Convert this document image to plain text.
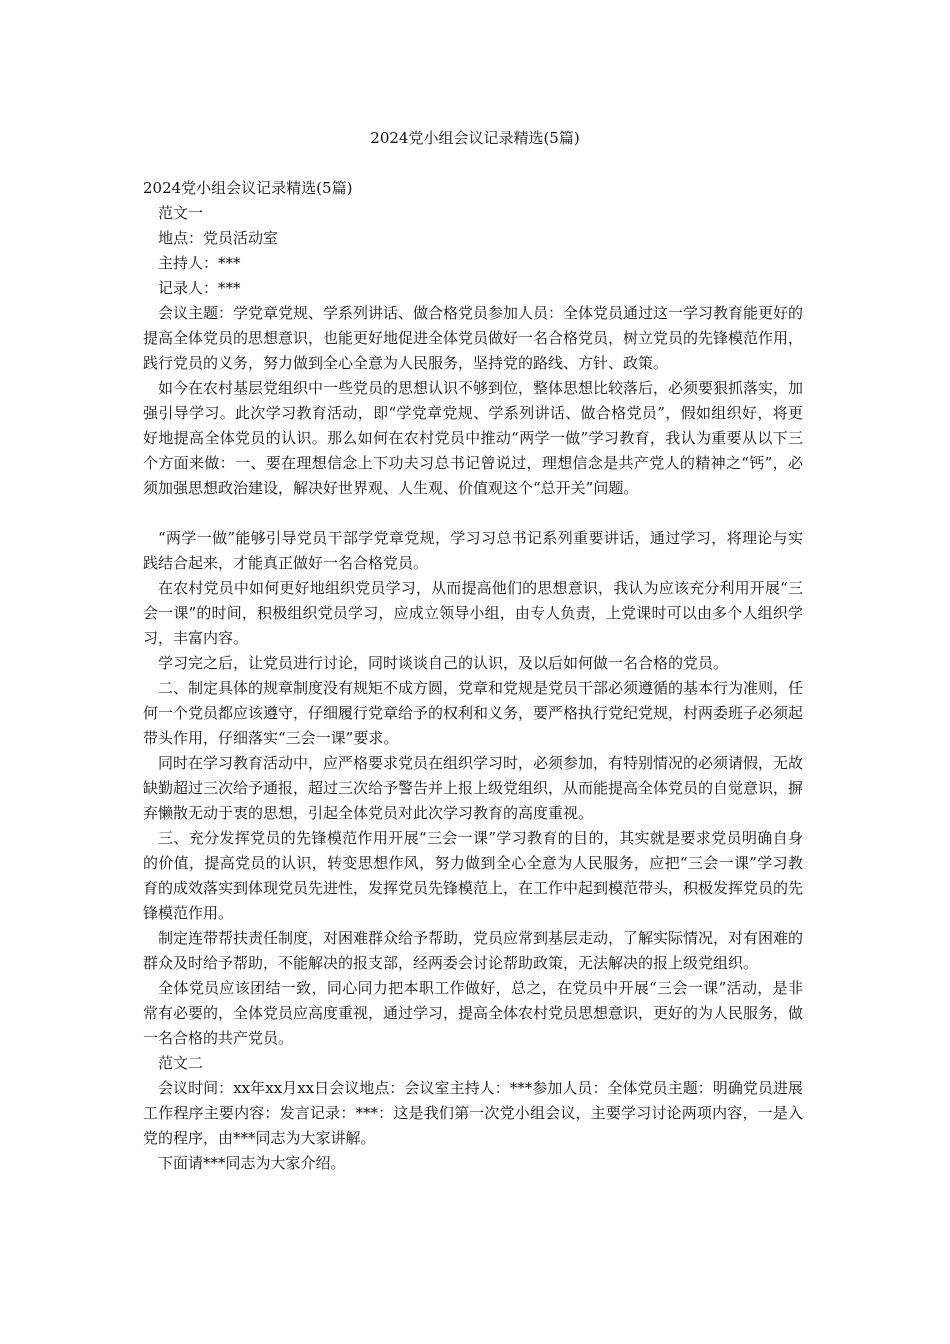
2024党小组会议记录精选(5篇)

2024党小组会议记录精选(5篇)

范文一

地点：党员活动室

主持人：***

记录人：***

会议主题：学党章党规、学系列讲话、做合格党员参加人员：全体党员通过这一学习教育能更好的提高全体党员的思想意识，也能更好地促进全体党员做好一名合格党员，树立党员的先锋模范作用，践行党员的义务，努力做到全心全意为人民服务，坚持党的路线、方针、政策。

如今在农村基层党组织中一些党员的思想认识不够到位，整体思想比较落后，必须要狠抓落实，加强引导学习。此次学习教育活动，即“学党章党规、学系列讲话、做合格党员”，假如组织好，将更好地提高全体党员的认识。那么如何在农村党员中推动“两学一做”学习教育，我认为重要从以下三个方面来做：一、要在理想信念上下功夫习总书记曾说过，理想信念是共产党人的精神之“钙”，必须加强思想政治建设，解决好世界观、人生观、价值观这个“总开关”问题。

“两学一做”能够引导党员干部学党章党规，学习习总书记系列重要讲话，通过学习，将理论与实践结合起来，才能真正做好一名合格党员。

在农村党员中如何更好地组织党员学习，从而提高他们的思想意识，我认为应该充分利用开展“三会一课”的时间，积极组织党员学习，应成立领导小组，由专人负责，上党课时可以由多个人组织学习，丰富内容。

学习完之后，让党员进行讨论，同时谈谈自己的认识，及以后如何做一名合格的党员。

二、制定具体的规章制度没有规矩不成方圆，党章和党规是党员干部必须遵循的基本行为准则，任何一个党员都应该遵守，仔细履行党章给予的权利和义务，要严格执行党纪党规，村两委班子必须起带头作用，仔细落实“三会一课”要求。

同时在学习教育活动中，应严格要求党员在组织学习时，必须参加，有特别情况的必须请假，无故缺勤超过三次给予通报，超过三次给予警告并上报上级党组织，从而能提高全体党员的自觉意识，摒弃懒散无动于衷的思想，引起全体党员对此次学习教育的高度重视。

三、充分发挥党员的先锋模范作用开展“三会一课”学习教育的目的，其实就是要求党员明确自身的价值，提高党员的认识，转变思想作风，努力做到全心全意为人民服务，应把“三会一课”学习教育的成效落实到体现党员先进性，发挥党员先锋模范上，在工作中起到模范带头，积极发挥党员的先锋模范作用。

制定连带帮扶责任制度，对困难群众给予帮助，党员应常到基层走动，了解实际情况，对有困难的群众及时给予帮助，不能解决的报支部，经两委会讨论帮助政策，无法解决的报上级党组织。

全体党员应该团结一致，同心同力把本职工作做好，总之，在党员中开展“三会一课”活动，是非常有必要的，全体党员应高度重视，通过学习，提高全体农村党员思想意识，更好的为人民服务，做一名合格的共产党员。

范文二

会议时间：xx年xx月xx日会议地点：会议室主持人：***参加人员：全体党员主题：明确党员进展工作程序主要内容：发言记录：***：这是我们第一次党小组会议，主要学习讨论两项内容，一是入党的程序，由***同志为大家讲解。

下面请***同志为大家介绍。
